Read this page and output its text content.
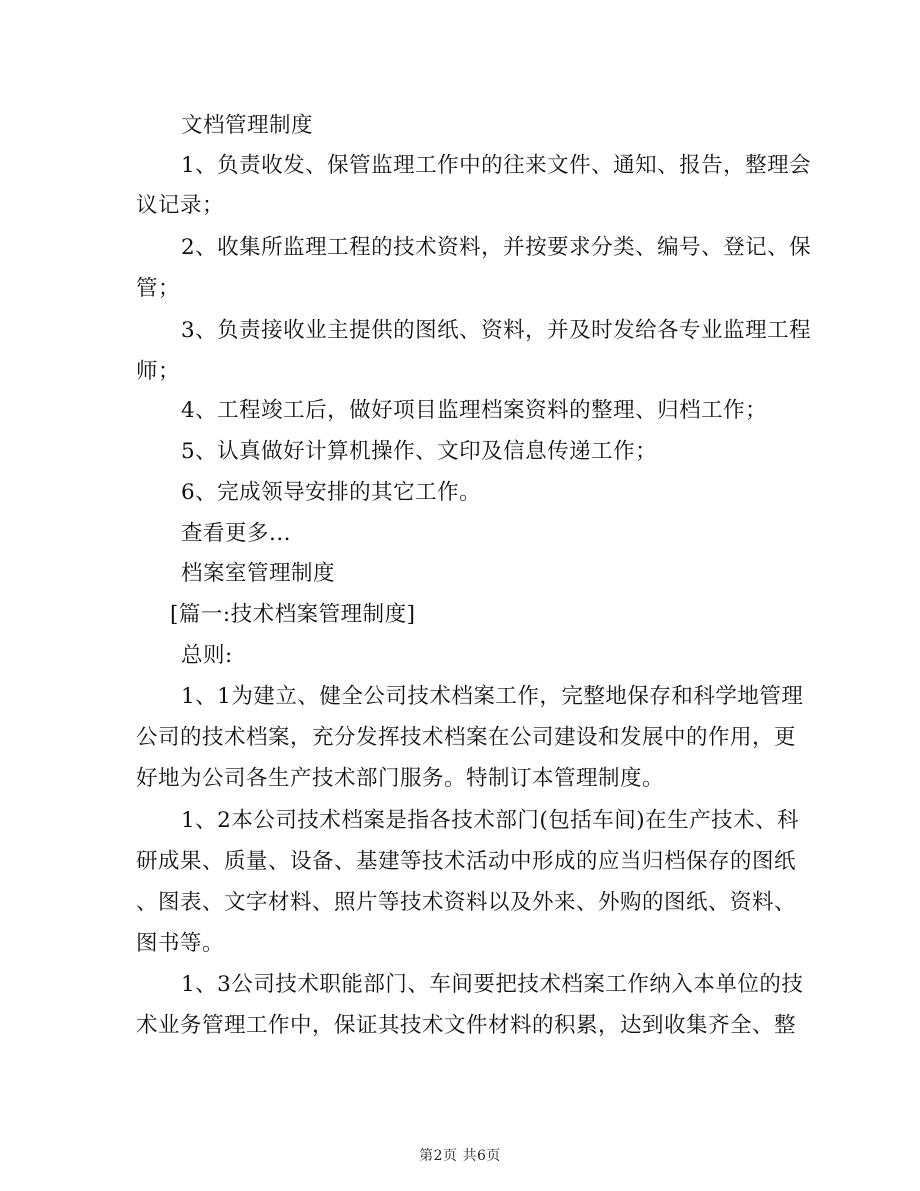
文档管理制度
1、负责收发、保管监理工作中的往来文件、通知、报告，整理会
议记录；
2、收集所监理工程的技术资料，并按要求分类、编号、登记、保
管；
3、负责接收业主提供的图纸、资料，并及时发给各专业监理工程
师；
4、工程竣工后，做好项目监理档案资料的整理、归档工作；
5、认真做好计算机操作、文印及信息传递工作；
6、完成领导安排的其它工作。
查看更多...
档案室管理制度
[篇一:技术档案管理制度]
总则:
1、1为建立、健全公司技术档案工作，完整地保存和科学地管理
公司的技术档案，充分发挥技术档案在公司建设和发展中的作用，更
好地为公司各生产技术部门服务。特制订本管理制度。
1、2本公司技术档案是指各技术部门(包括车间)在生产技术、科
研成果、质量、设备、基建等技术活动中形成的应当归档保存的图纸
、图表、文字材料、照片等技术资料以及外来、外购的图纸、资料、
图书等。
1、3公司技术职能部门、车间要把技术档案工作纳入本单位的技
术业务管理工作中，保证其技术文件材料的积累，达到收集齐全、整
第2页 共6页
